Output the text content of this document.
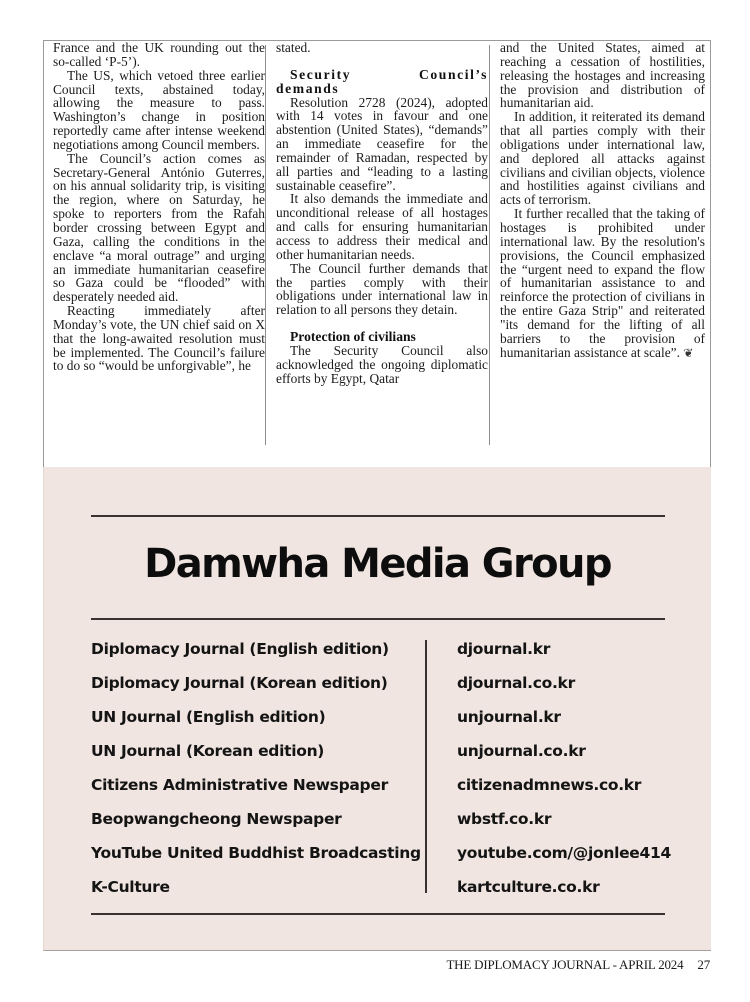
France and the UK rounding out the so-called ‘P-5’).

The US, which vetoed three earlier Council texts, abstained today, allowing the measure to pass. Washington’s change in position reportedly came after intense weekend negotiations among Council members.

The Council’s action comes as Secretary-General António Guterres, on his annual solidarity trip, is visiting the region, where on Saturday, he spoke to reporters from the Rafah border crossing between Egypt and Gaza, calling the conditions in the enclave “a moral outrage” and urging an immediate humanitarian ceasefire so Gaza could be “flooded” with desperately needed aid.

Reacting immediately after Monday’s vote, the UN chief said on X that the long-awaited resolution must be implemented. The Council’s failure to do so “would be unforgivable”, he

stated.

Security Council’s demands

Resolution 2728 (2024), adopted with 14 votes in favour and one abstention (United States), “demands” an immediate ceasefire for the remainder of Ramadan, respected by all parties and “leading to a lasting sustainable ceasefire”.

It also demands the immediate and unconditional release of all hostages and calls for ensuring humanitarian access to address their medical and other humanitarian needs.

The Council further demands that the parties comply with their obligations under international law in relation to all persons they detain.

Protection of civilians

The Security Council also acknowledged the ongoing diplomatic efforts by Egypt, Qatar

and the United States, aimed at reaching a cessation of hostilities, releasing the hostages and increasing the provision and distribution of humanitarian aid.

In addition, it reiterated its demand that all parties comply with their obligations under international law, and deplored all attacks against civilians and civilian objects, violence and hostilities against civilians and acts of terrorism.

It further recalled that the taking of hostages is prohibited under international law. By the resolution's provisions, the Council emphasized the “urgent need to expand the flow of humanitarian assistance to and reinforce the protection of civilians in the entire Gaza Strip" and reiterated "its demand for the lifting of all barriers to the provision of humanitarian assistance at scale”. ❦

Damwha Media Group
Diplomacy Journal (English edition)	djournal.kr
Diplomacy Journal (Korean edition)	djournal.co.kr
UN Journal (English edition)	unjournal.kr
UN Journal (Korean edition)	unjournal.co.kr
Citizens Administrative Newspaper	citizenadmnews.co.kr
Beopwangcheong Newspaper	wbstf.co.kr
YouTube United Buddhist Broadcasting youtube.com/@jonlee414
K-Culture	kartculture.co.kr
THE DIPLOMACY JOURNAL - APRIL 2024 27
